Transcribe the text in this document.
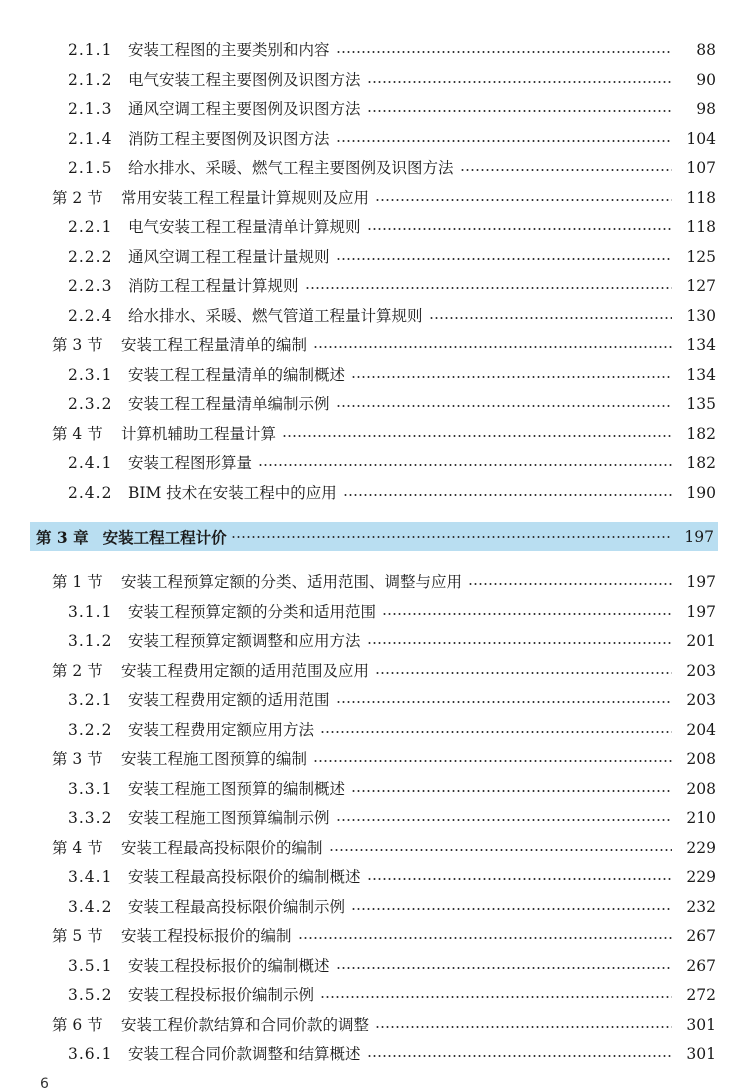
2.1.1 安装工程图的主要类别和内容	88
2.1.2 电气安装工程主要图例及识图方法	90
2.1.3 通风空调工程主要图例及识图方法	98
2.1.4 消防工程主要图例及识图方法	104
2.1.5 给水排水、采暖、燃气工程主要图例及识图方法	107
第 2 节 常用安装工程工程量计算规则及应用	118
2.2.1 电气安装工程工程量清单计算规则	118
2.2.2 通风空调工程工程量计量规则	125
2.2.3 消防工程工程量计算规则	127
2.2.4 给水排水、采暖、燃气管道工程量计算规则	130
第 3 节 安装工程工程量清单的编制	134
2.3.1 安装工程工程量清单的编制概述	134
2.3.2 安装工程工程量清单编制示例	135
第 4 节 计算机辅助工程量计算	182
2.4.1 安装工程图形算量	182
2.4.2 BIM 技术在安装工程中的应用	190
第 3 章 安装工程工程计价	197
第 1 节 安装工程预算定额的分类、适用范围、调整与应用	197
3.1.1 安装工程预算定额的分类和适用范围	197
3.1.2 安装工程预算定额调整和应用方法	201
第 2 节 安装工程费用定额的适用范围及应用	203
3.2.1 安装工程费用定额的适用范围	203
3.2.2 安装工程费用定额应用方法	204
第 3 节 安装工程施工图预算的编制	208
3.3.1 安装工程施工图预算的编制概述	208
3.3.2 安装工程施工图预算编制示例	210
第 4 节 安装工程最高投标限价的编制	229
3.4.1 安装工程最高投标限价的编制概述	229
3.4.2 安装工程最高投标限价编制示例	232
第 5 节 安装工程投标报价的编制	267
3.5.1 安装工程投标报价的编制概述	267
3.5.2 安装工程投标报价编制示例	272
第 6 节 安装工程价款结算和合同价款的调整	301
3.6.1 安装工程合同价款调整和结算概述	301
6
